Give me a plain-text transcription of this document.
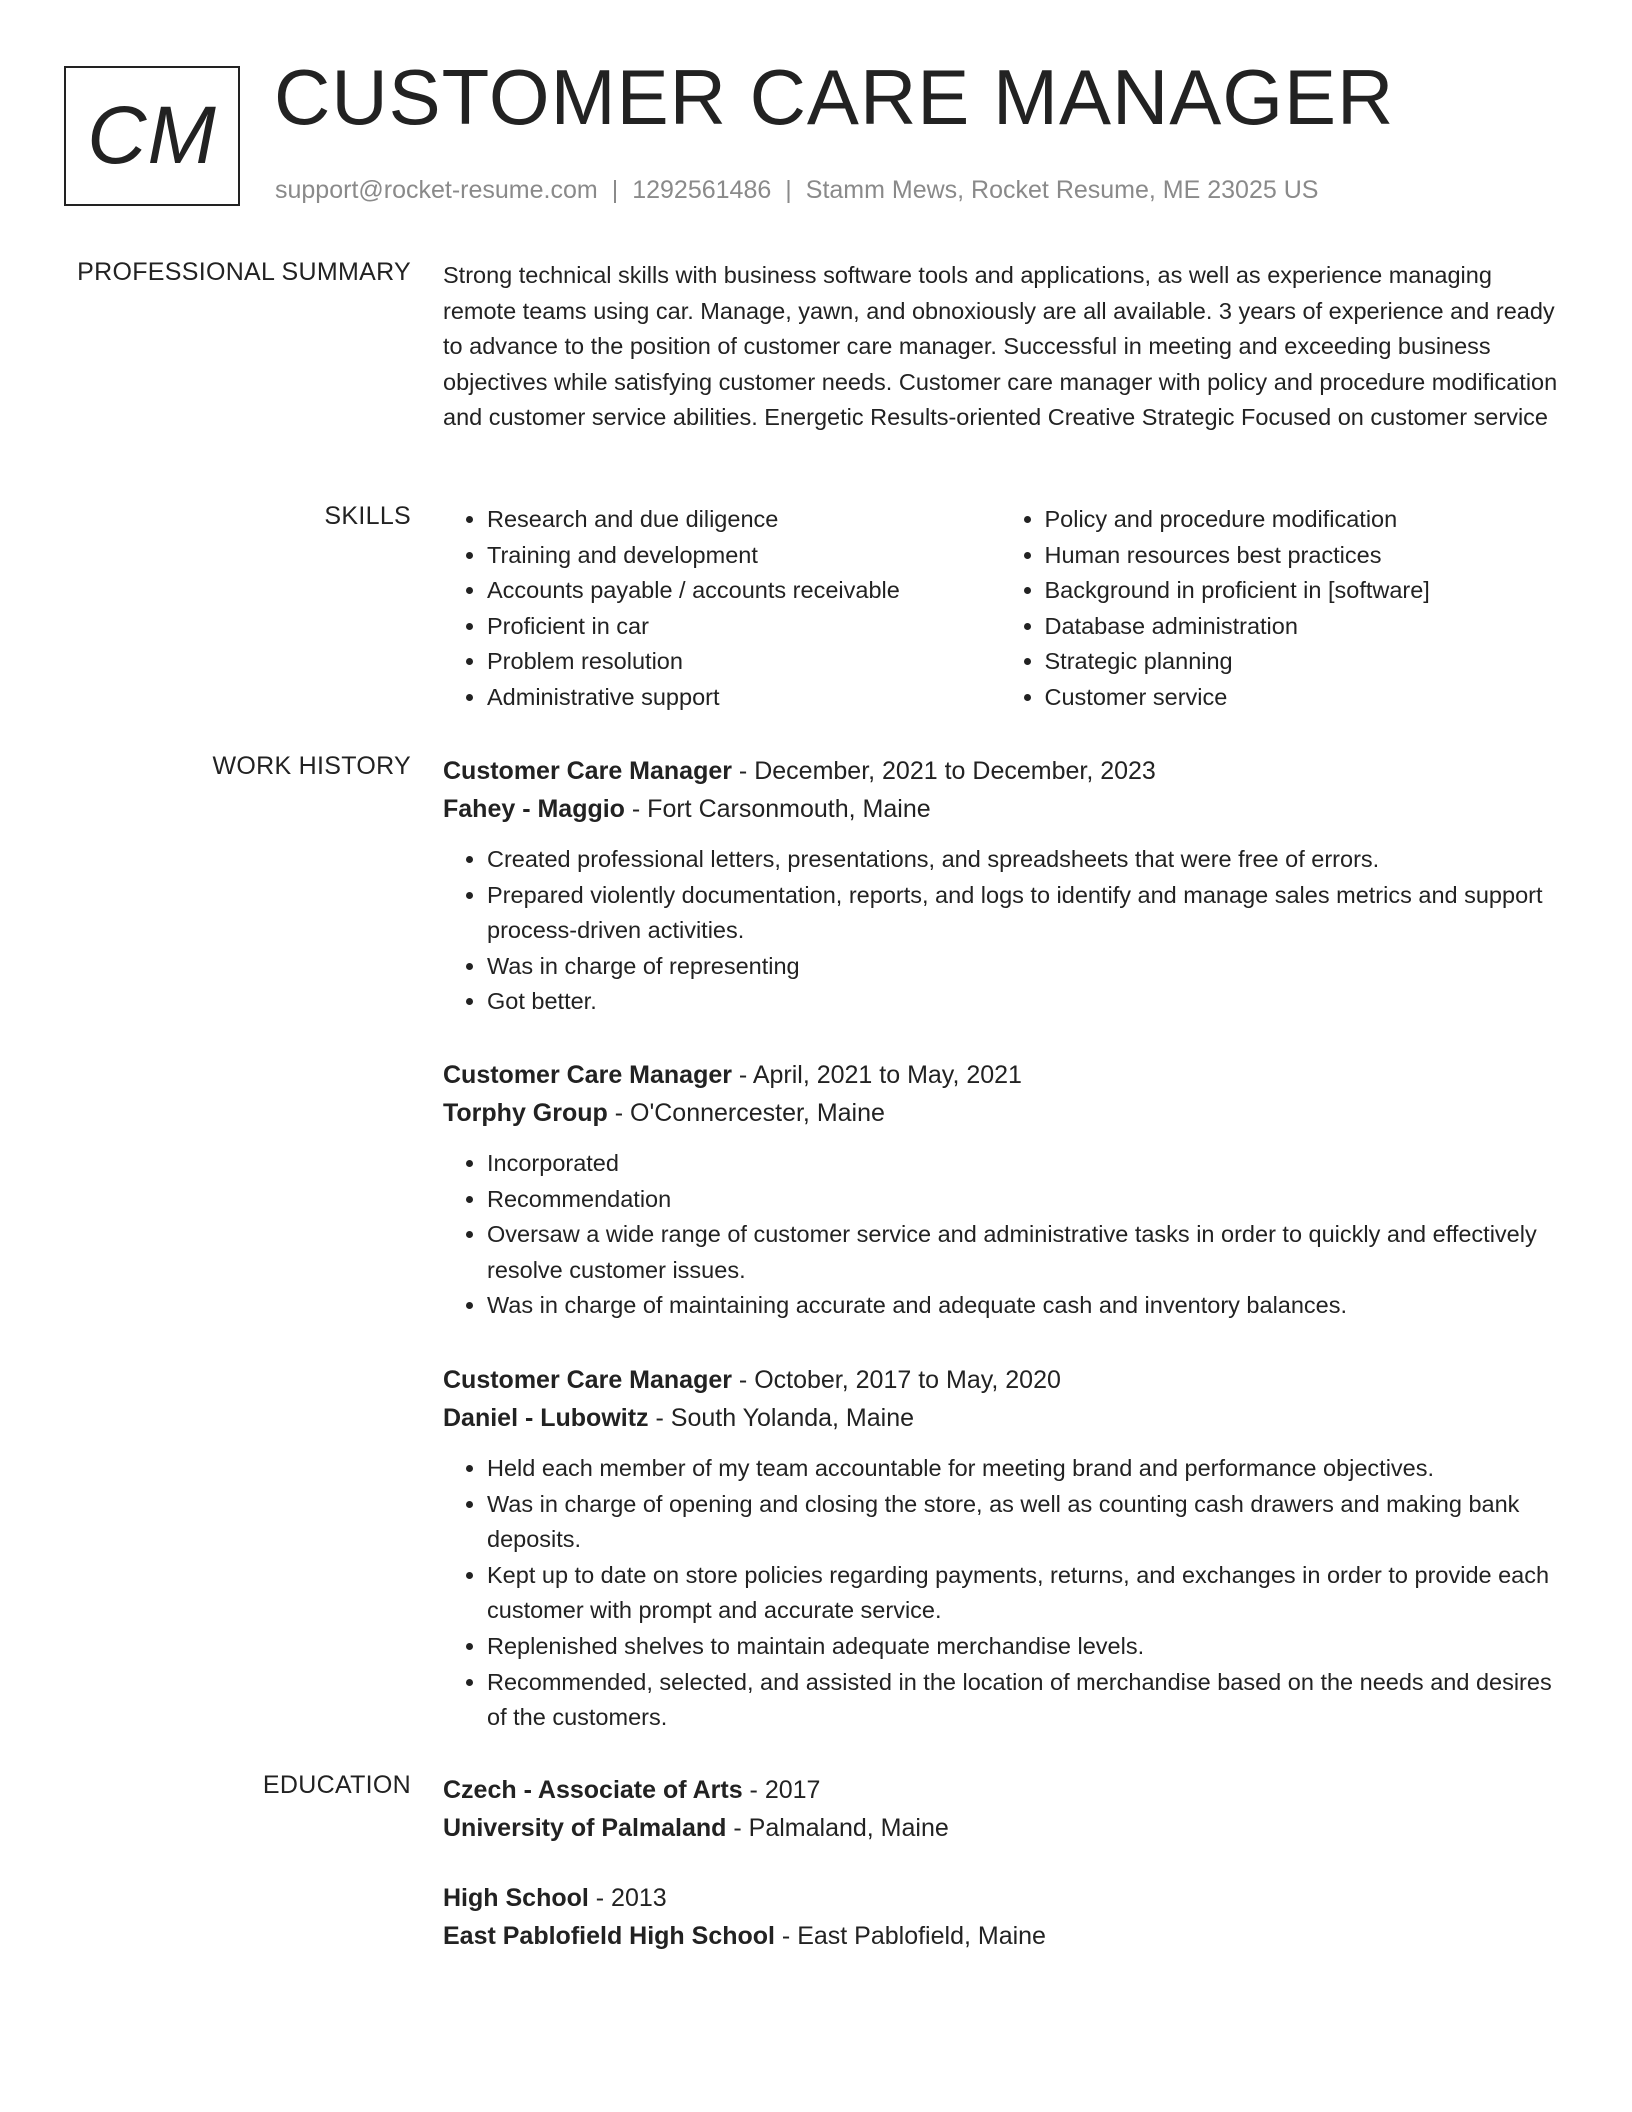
CM CUSTOMER CARE MANAGER
support@rocket-resume.com | 1292561486 | Stamm Mews, Rocket Resume, ME 23025 US
PROFESSIONAL SUMMARY Strong technical skills with business software tools and applications, as well as experience managing remote teams using car. Manage, yawn, and obnoxiously are all available. 3 years of experience and ready to advance to the position of customer care manager. Successful in meeting and exceeding business objectives while satisfying customer needs. Customer care manager with policy and procedure modification and customer service abilities. Energetic Results-oriented Creative Strategic Focused on customer service

SKILLS
•	Research and due diligence
• Training and development
• Accounts payable / accounts receivable
• Proficient in car
• Problem resolution
• Administrative support
• Policy and procedure modification
• Human resources best practices
• Background in proficient in [software]
• Database administration
• Strategic planning
• Customer service
WORK HISTORY Customer Care Manager - December, 2021 to December, 2023
Fahey - Maggio - Fort Carsonmouth, Maine
• Created professional letters, presentations, and spreadsheets that were free of errors.
• Prepared violently documentation, reports, and logs to identify and manage sales metrics and support process-driven activities.
• Was in charge of representing
• Got better.
Customer Care Manager - April, 2021 to May, 2021
Torphy Group - O'Connercester, Maine
• Incorporated
• Recommendation
• Oversaw a wide range of customer service and administrative tasks in order to quickly and effectively resolve customer issues.
• Was in charge of maintaining accurate and adequate cash and inventory balances.
Customer Care Manager - October, 2017 to May, 2020
Daniel - Lubowitz - South Yolanda, Maine
• Held each member of my team accountable for meeting brand and performance objectives.
• Was in charge of opening and closing the store, as well as counting cash drawers and making bank deposits.
• Kept up to date on store policies regarding payments, returns, and exchanges in order to provide each customer with prompt and accurate service.
• Replenished shelves to maintain adequate merchandise levels.
• Recommended, selected, and assisted in the location of merchandise based on the needs and desires of the customers.
EDUCATION Czech - Associate of Arts - 2017
University of Palmaland - Palmaland, Maine
High School - 2013
East Pablofield High School - East Pablofield, Maine
